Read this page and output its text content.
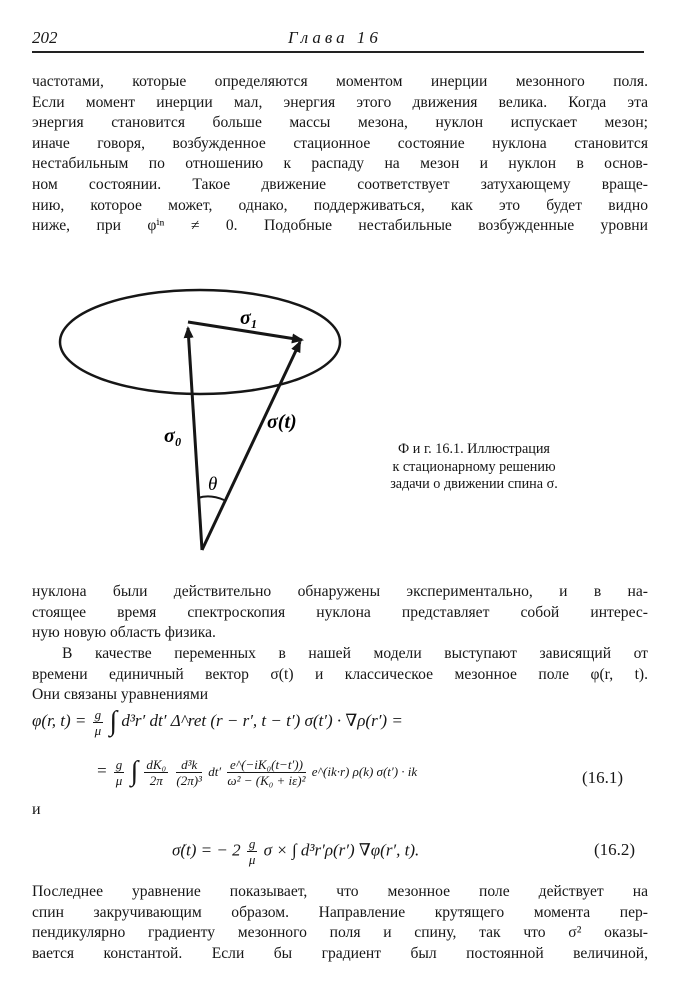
202	Глава 16
частотами, которые определяются моментом инерции мезонного поля.
Если момент инерции мал, энергия этого движения велика. Когда эта
энергия становится больше массы мезона, нуклон испускает мезон;
иначе говоря, возбужденное стационное состояние нуклона становится
нестабильным по отношению к распаду на мезон и нуклон в основ-
ном состоянии. Такое движение соответствует затухающему враще-
нию, которое может, однако, поддерживаться, как это будет видно
ниже, при φⁱⁿ ≠ 0. Подобные нестабильные возбужденные уровни
σ₁
σ₀
σ(t)
θ
Ф и г. 16.1. Иллюстрация
к стационарному решению
задачи о движении спина σ.
нуклона были действительно обнаружены экспериментально, и в на-
стоящее время спектроскопия нуклона представляет собой интерес-
ную новую область физика.
В качестве переменных в нашей модели выступают зависящий от
времени единичный вектор σ(t) и классическое мезонное поле φ(r, t).
Они связаны уравнениями
φ(r, $t) = \frac{g}{\mu}$ ∫ d³r′ dt′ Δ^ret (r − r′, t − t′) σ(t′) · ∇ρ(r′) =
= $\frac{g}{\mu}$ ∫ $\frac{\text{dK₀}}{2\pi}$
$\frac{\text{d³k}}{\text{(2π)³}} dt' \frac{\text{e\textasciicircum{}(−iK₀(t−t′))}}{\text{ω² − (K₀ + iε)²}}$ e^(ik·r) ρ(k) σ(t′) · ik	(16.1)
и
σ̇(t) = − $2 \frac{g}{\mu}$ σ × ∫ d³r′ρ(r′) ∇φ(r′, t).	(16.2)
Последнее уравнение показывает, что мезонное поле действует на
спин закручивающим образом. Направление крутящего момента пер-
пендикулярно градиенту мезонного поля и спину, так что σ² оказы-
вается константой. Если бы градиент был постоянной величиной,
